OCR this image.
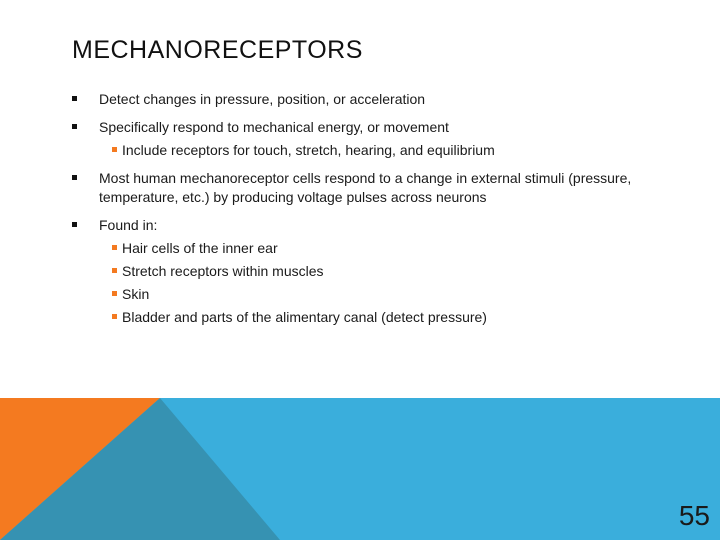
MECHANORECEPTORS
Detect changes in pressure, position, or acceleration
Specifically respond to mechanical energy, or movement
Include receptors for touch, stretch, hearing, and equilibrium
Most human mechanoreceptor cells respond to a change in external stimuli (pressure, temperature, etc.) by producing voltage pulses across neurons
Found in:
Hair cells of the inner ear
Stretch receptors within muscles
Skin
Bladder and parts of the alimentary canal (detect pressure)
55
